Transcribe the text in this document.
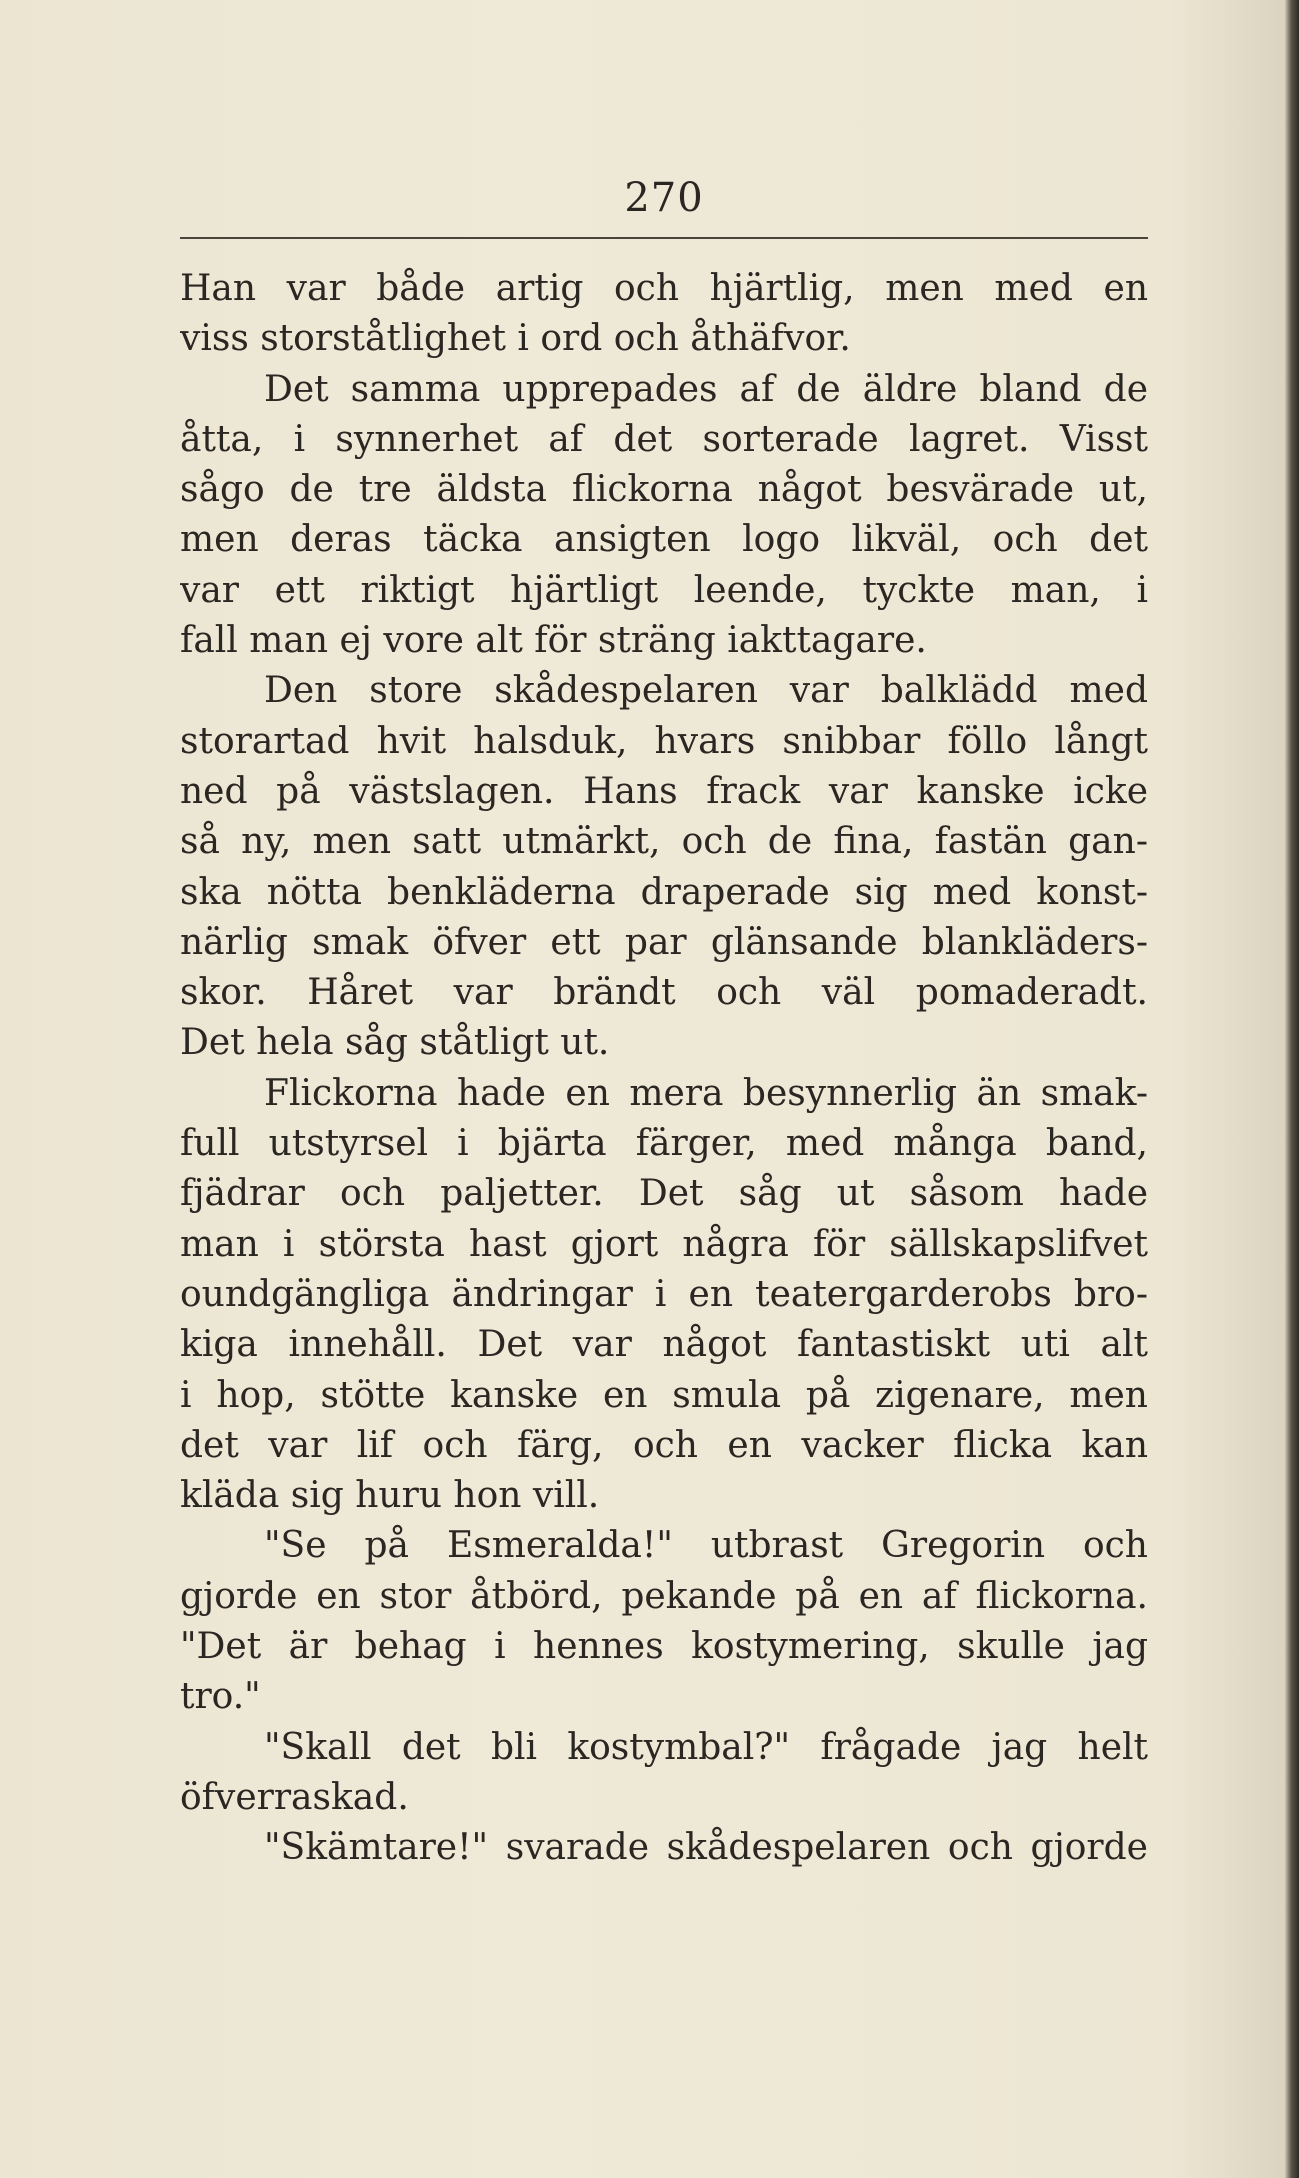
270
Han var både artig och hjärtlig, men med en
viss storståtlighet i ord och åthäfvor.
Det samma upprepades af de äldre bland de
åtta, i synnerhet af det sorterade lagret. Visst
sågo de tre äldsta flickorna något besvärade ut,
men deras täcka ansigten logo likväl, och det
var ett riktigt hjärtligt leende, tyckte man, i
fall man ej vore alt för sträng iakttagare.
Den store skådespelaren var balklädd med
storartad hvit halsduk, hvars snibbar föllo långt
ned på västslagen. Hans frack var kanske icke
så ny, men satt utmärkt, och de fina, fastän gan-
ska nötta benkläderna draperade sig med konst-
närlig smak öfver ett par glänsande blankläders-
skor. Håret var brändt och väl pomaderadt.
Det hela såg ståtligt ut.
Flickorna hade en mera besynnerlig än smak-
full utstyrsel i bjärta färger, med många band,
fjädrar och paljetter. Det såg ut såsom hade
man i största hast gjort några för sällskapslifvet
oundgängliga ändringar i en teatergarderobs bro-
kiga innehåll. Det var något fantastiskt uti alt
i hop, stötte kanske en smula på zigenare, men
det var lif och färg, och en vacker flicka kan
kläda sig huru hon vill.
"Se på Esmeralda!" utbrast Gregorin och
gjorde en stor åtbörd, pekande på en af flickorna.
"Det är behag i hennes kostymering, skulle jag
tro."
"Skall det bli kostymbal?" frågade jag helt
öfverraskad.
"Skämtare!" svarade skådespelaren och gjorde
